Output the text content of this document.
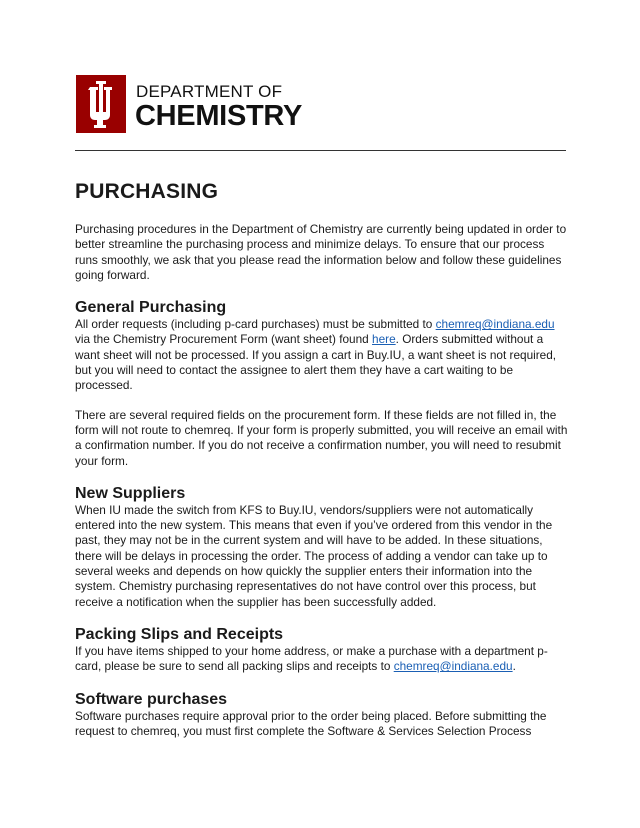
DEPARTMENT OF
CHEMISTRY
PURCHASING

Purchasing procedures in the Department of Chemistry are currently being updated in order to better streamline the purchasing process and minimize delays. To ensure that our process runs smoothly, we ask that you please read the information below and follow these guidelines going forward.

General Purchasing

All order requests (including p-card purchases) must be submitted to chemreq@indiana.edu via the Chemistry Procurement Form (want sheet) found here. Orders submitted without a want sheet will not be processed. If you assign a cart in Buy.IU, a want sheet is not required, but you will need to contact the assignee to alert them they have a cart waiting to be processed.

There are several required fields on the procurement form. If these fields are not filled in, the form will not route to chemreq. If your form is properly submitted, you will receive an email with a confirmation number. If you do not receive a confirmation number, you will need to resubmit your form.

New Suppliers

When IU made the switch from KFS to Buy.IU, vendors/suppliers were not automatically entered into the new system. This means that even if you’ve ordered from this vendor in the past, they may not be in the current system and will have to be added. In these situations, there will be delays in processing the order. The process of adding a vendor can take up to several weeks and depends on how quickly the supplier enters their information into the system. Chemistry purchasing representatives do not have control over this process, but receive a notification when the supplier has been successfully added.

Packing Slips and Receipts

If you have items shipped to your home address, or make a purchase with a department p-card, please be sure to send all packing slips and receipts to chemreq@indiana.edu.

Software purchases

Software purchases require approval prior to the order being placed. Before submitting the request to chemreq, you must first complete the Software & Services Selection Process
